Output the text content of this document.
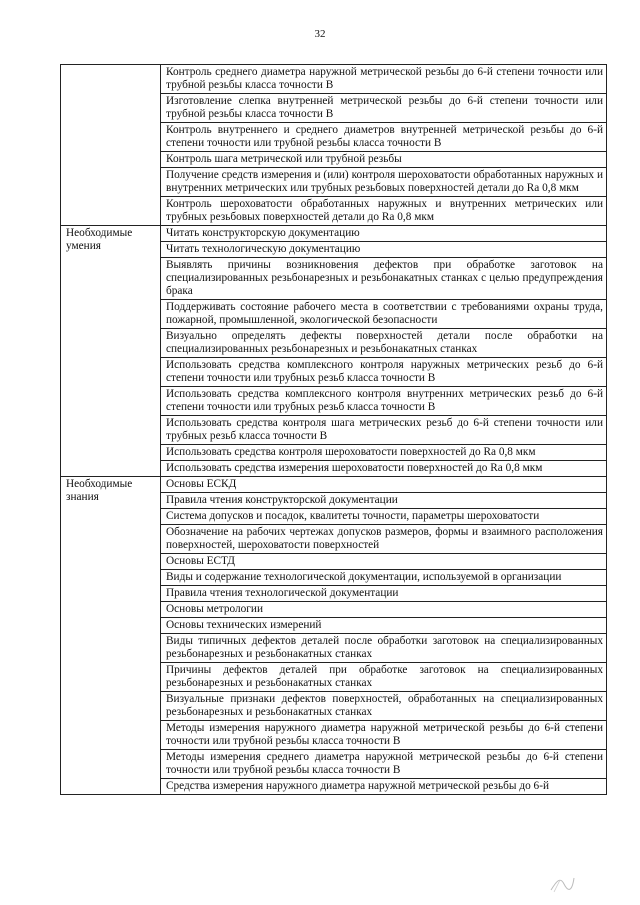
32

	Контроль среднего диаметра наружной метрической резьбы до 6-й степени точности или трубной резьбы класса точности В

	Изготовление слепка внутренней метрической резьбы до 6-й степени точности или трубной резьбы класса точности В

	Контроль внутреннего и среднего диаметров внутренней метрической резьбы до 6-й степени точности или трубной резьбы класса точности В

	Контроль шага метрической или трубной резьбы

	Получение средств измерения и (или) контроля шероховатости обработанных наружных и внутренних метрических или трубных резьбовых поверхностей детали до Ra 0,8 мкм

	Контроль шероховатости обработанных наружных и внутренних метрических или трубных резьбовых поверхностей детали до Ra 0,8 мкм

Необходимые умения	Читать конструкторскую документацию

	Читать технологическую документацию

	Выявлять причины возникновения дефектов при обработке заготовок на специализированных резьбонарезных и резьбонакатных станках с целью предупреждения брака

	Поддерживать состояние рабочего места в соответствии с требованиями охраны труда, пожарной, промышленной, экологической безопасности

	Визуально определять дефекты поверхностей детали после обработки на специализированных резьбонарезных и резьбонакатных станках

	Использовать средства комплексного контроля наружных метрических резьб до 6-й степени точности или трубных резьб класса точности В

	Использовать средства комплексного контроля внутренних метрических резьб до 6-й степени точности или трубных резьб класса точности В

	Использовать средства контроля шага метрических резьб до 6-й степени точности или трубных резьб класса точности В

	Использовать средства контроля шероховатости поверхностей до Ra 0,8 мкм

	Использовать средства измерения шероховатости поверхностей до Ra 0,8 мкм

Необходимые знания	Основы ЕСКД

	Правила чтения конструкторской документации

	Система допусков и посадок, квалитеты точности, параметры шероховатости

	Обозначение на рабочих чертежах допусков размеров, формы и взаимного расположения поверхностей, шероховатости поверхностей

	Основы ЕСТД

	Виды и содержание технологической документации, используемой в организации

	Правила чтения технологической документации

	Основы метрологии

	Основы технических измерений

	Виды типичных дефектов деталей после обработки заготовок на специализированных резьбонарезных и резьбонакатных станках

	Причины дефектов деталей при обработке заготовок на специализированных резьбонарезных и резьбонакатных станках

	Визуальные признаки дефектов поверхностей, обработанных на специализированных резьбонарезных и резьбонакатных станках

	Методы измерения наружного диаметра наружной метрической резьбы до 6-й степени точности или трубной резьбы класса точности В

	Методы измерения среднего диаметра наружной метрической резьбы до 6-й степени точности или трубной резьбы класса точности В

	Средства измерения наружного диаметра наружной метрической резьбы до 6-й
